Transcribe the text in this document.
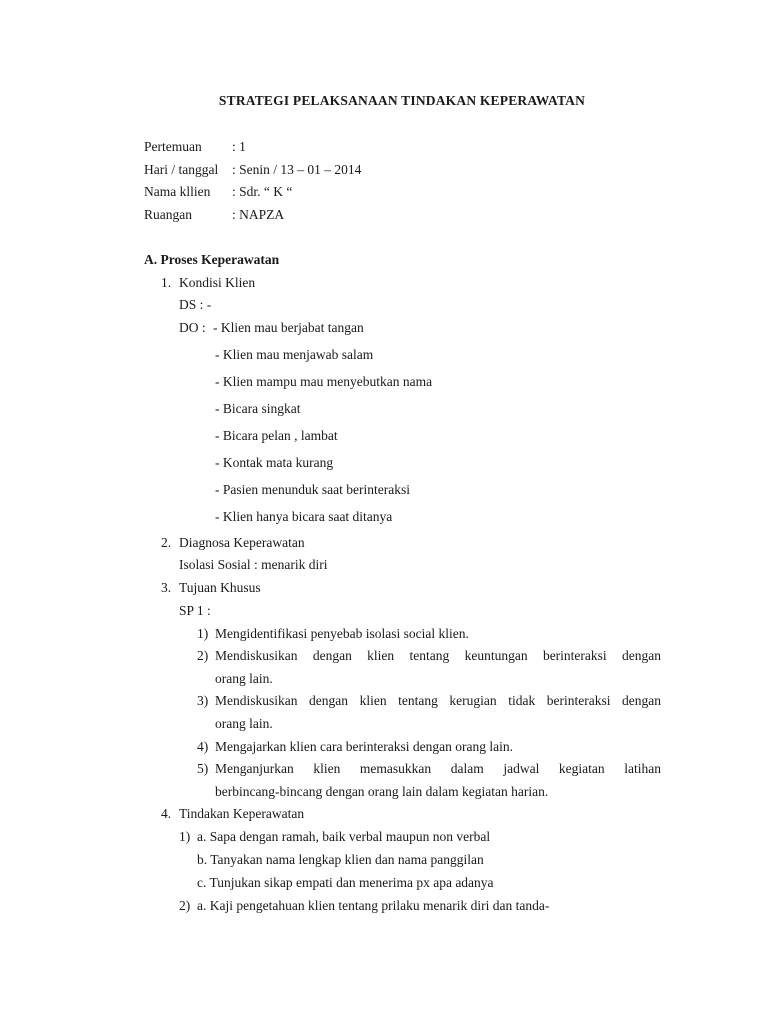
STRATEGI PELAKSANAAN TINDAKAN KEPERAWATAN
Pertemuan : 1
Hari / tanggal : Senin / 13 – 01 – 2014
Nama kllien : Sdr. “ K “
Ruangan	: NAPZA
A. Proses Keperawatan
1. Kondisi Klien
DS : -
DO : - Klien mau berjabat tangan
- Klien mau menjawab salam
- Klien mampu mau menyebutkan nama
- Bicara singkat
- Bicara pelan , lambat
- Kontak mata kurang
- Pasien menunduk saat berinteraksi
- Klien hanya bicara saat ditanya
2. Diagnosa Keperawatan
Isolasi Sosial : menarik diri
3. Tujuan Khusus
SP 1 :
1) Mengidentifikasi penyebab isolasi social klien.
2) Mendiskusikan dengan klien tentang keuntungan berinteraksi dengan
orang lain.
3) Mendiskusikan dengan klien tentang kerugian tidak berinteraksi dengan
orang lain.
4) Mengajarkan klien cara berinteraksi dengan orang lain.
5) Menganjurkan klien memasukkan dalam jadwal kegiatan latihan
berbincang-bincang dengan orang lain dalam kegiatan harian.
4. Tindakan Keperawatan
1) a. Sapa dengan ramah, baik verbal maupun non verbal
b. Tanyakan nama lengkap klien dan nama panggilan
c. Tunjukan sikap empati dan menerima px apa adanya
2) a. Kaji pengetahuan klien tentang prilaku menarik diri dan tanda-
